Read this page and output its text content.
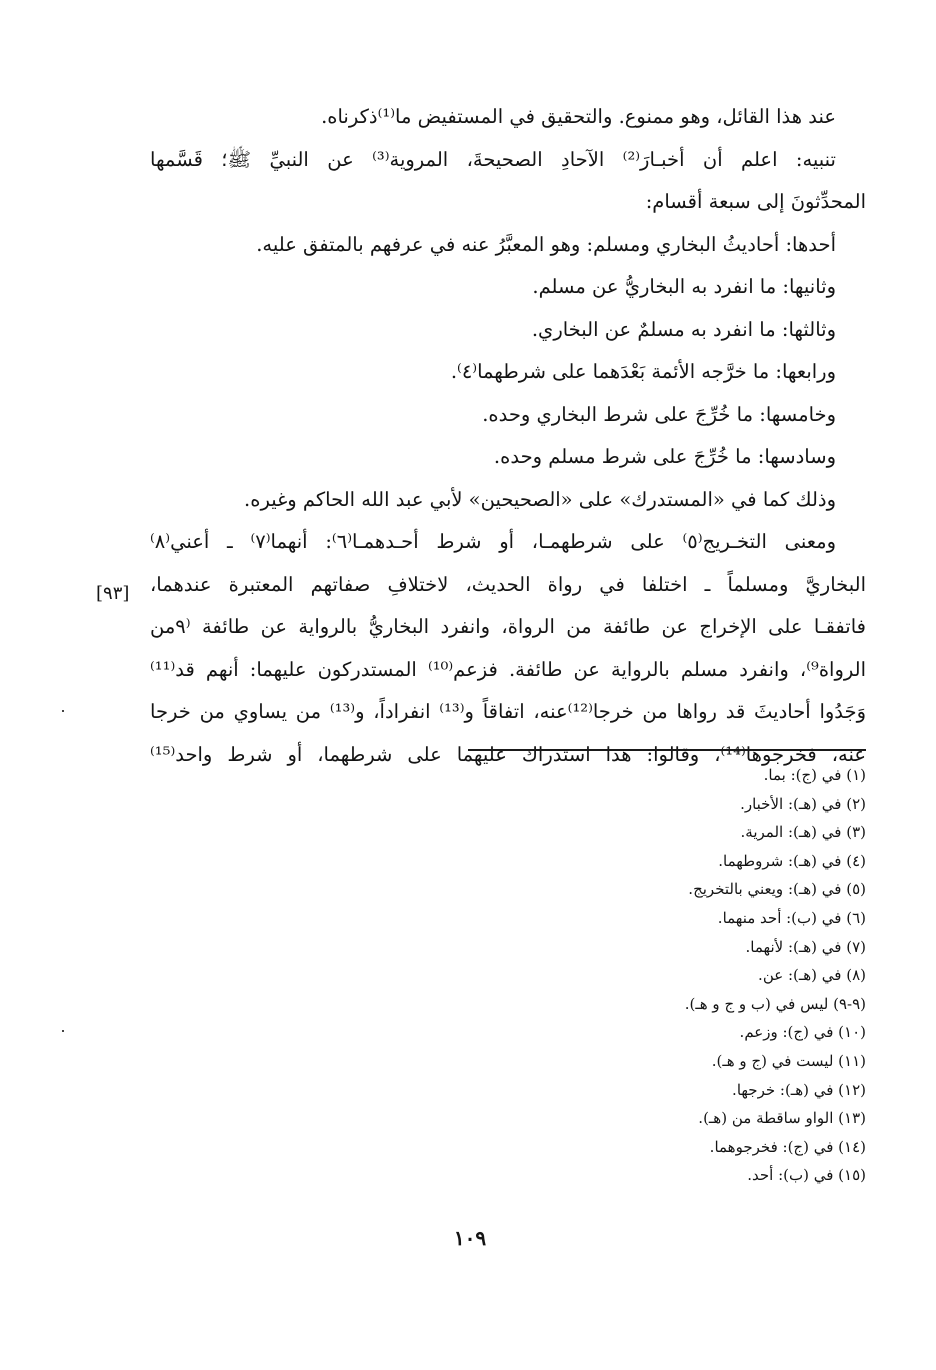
عند هذا القائل، وهو ممنوع. والتحقيق في المستفيض ما⁽¹⁾ذكرناه.
تنبيه: اعلم أن أخبـارَ⁽²⁾ الآحادِ الصحيحةَ، المروية⁽³⁾ عن النبيِّ ﷺ؛ قَسَّمها
المحدِّثونَ إلى سبعة أقسام:
أحدها: أحاديثُ البخاري ومسلم: وهو المعبَّرُ عنه في عرفهم بالمتفق عليه.
وثانيها: ما انفرد به البخاريُّ عن مسلم.
وثالثها: ما انفرد به مسلمٌ عن البخاري.
ورابعها: ما خرَّجه الأئمة بَعْدَهما على شرطهما⁽٤⁾.
وخامسها: ما خُرِّجَ على شرط البخاري وحده.
وسادسها: ما خُرِّجَ على شرط مسلم وحده.
وذلك كما في «المستدرك» على «الصحيحين» لأبي عبد الله الحاكم وغيره.
ومعنى التخـريج⁽٥⁾ على شرطهمـا، أو شرط أحـدهمـا⁽٦⁾: أنهما⁽٧⁾ ـ أعني⁽٨⁾
البخاريَّ ومسلماً ـ اختلفا في رواة الحديث، لاختلافِ صفاتهم المعتبرة عندهما،
فاتفقـا على الإخراج عن طائفة من الرواة، وانفرد البخاريُّ بالرواية عن طائفة ⁽٩من
الرواة⁹⁾، وانفرد مسلم بالرواية عن طائفة. فزعم⁽¹⁰⁾ المستدركون عليهما: أنهم قد⁽¹¹⁾
وَجَدُوا أحاديثَ قد رواها من خرجا⁽¹²⁾عنه، اتفاقاً و⁽¹³⁾ انفراداً، و⁽¹³⁾ من يساوي من خرجا
عنه، فخرجوها⁽¹⁴⁾، وقالوا: هذا استدراك عليهما على شرطهما، أو شرط واحد⁽¹⁵⁾
[٩٣]
(١) في (ج): بما.
(٢) في (هـ): الأخبار.
(٣) في (هـ): المرية.
(٤) في (هـ): شروطهما.
(٥) في (هـ): ويعني بالتخريج.
(٦) في (ب): أحد منهما.
(٧) في (هـ): لأنهما.
(٨) في (هـ): عن.
(٩-٩) ليس في (ب و ج و هـ).
(١٠) في (ج): وزعم.
(١١) ليست في (ج و هـ).
(١٢) في (هـ): خرجها.
(١٣) الواو ساقطة من (هـ).
(١٤) في (ج): فخرجوهما.
(١٥) في (ب): أحد.
١٠٩
